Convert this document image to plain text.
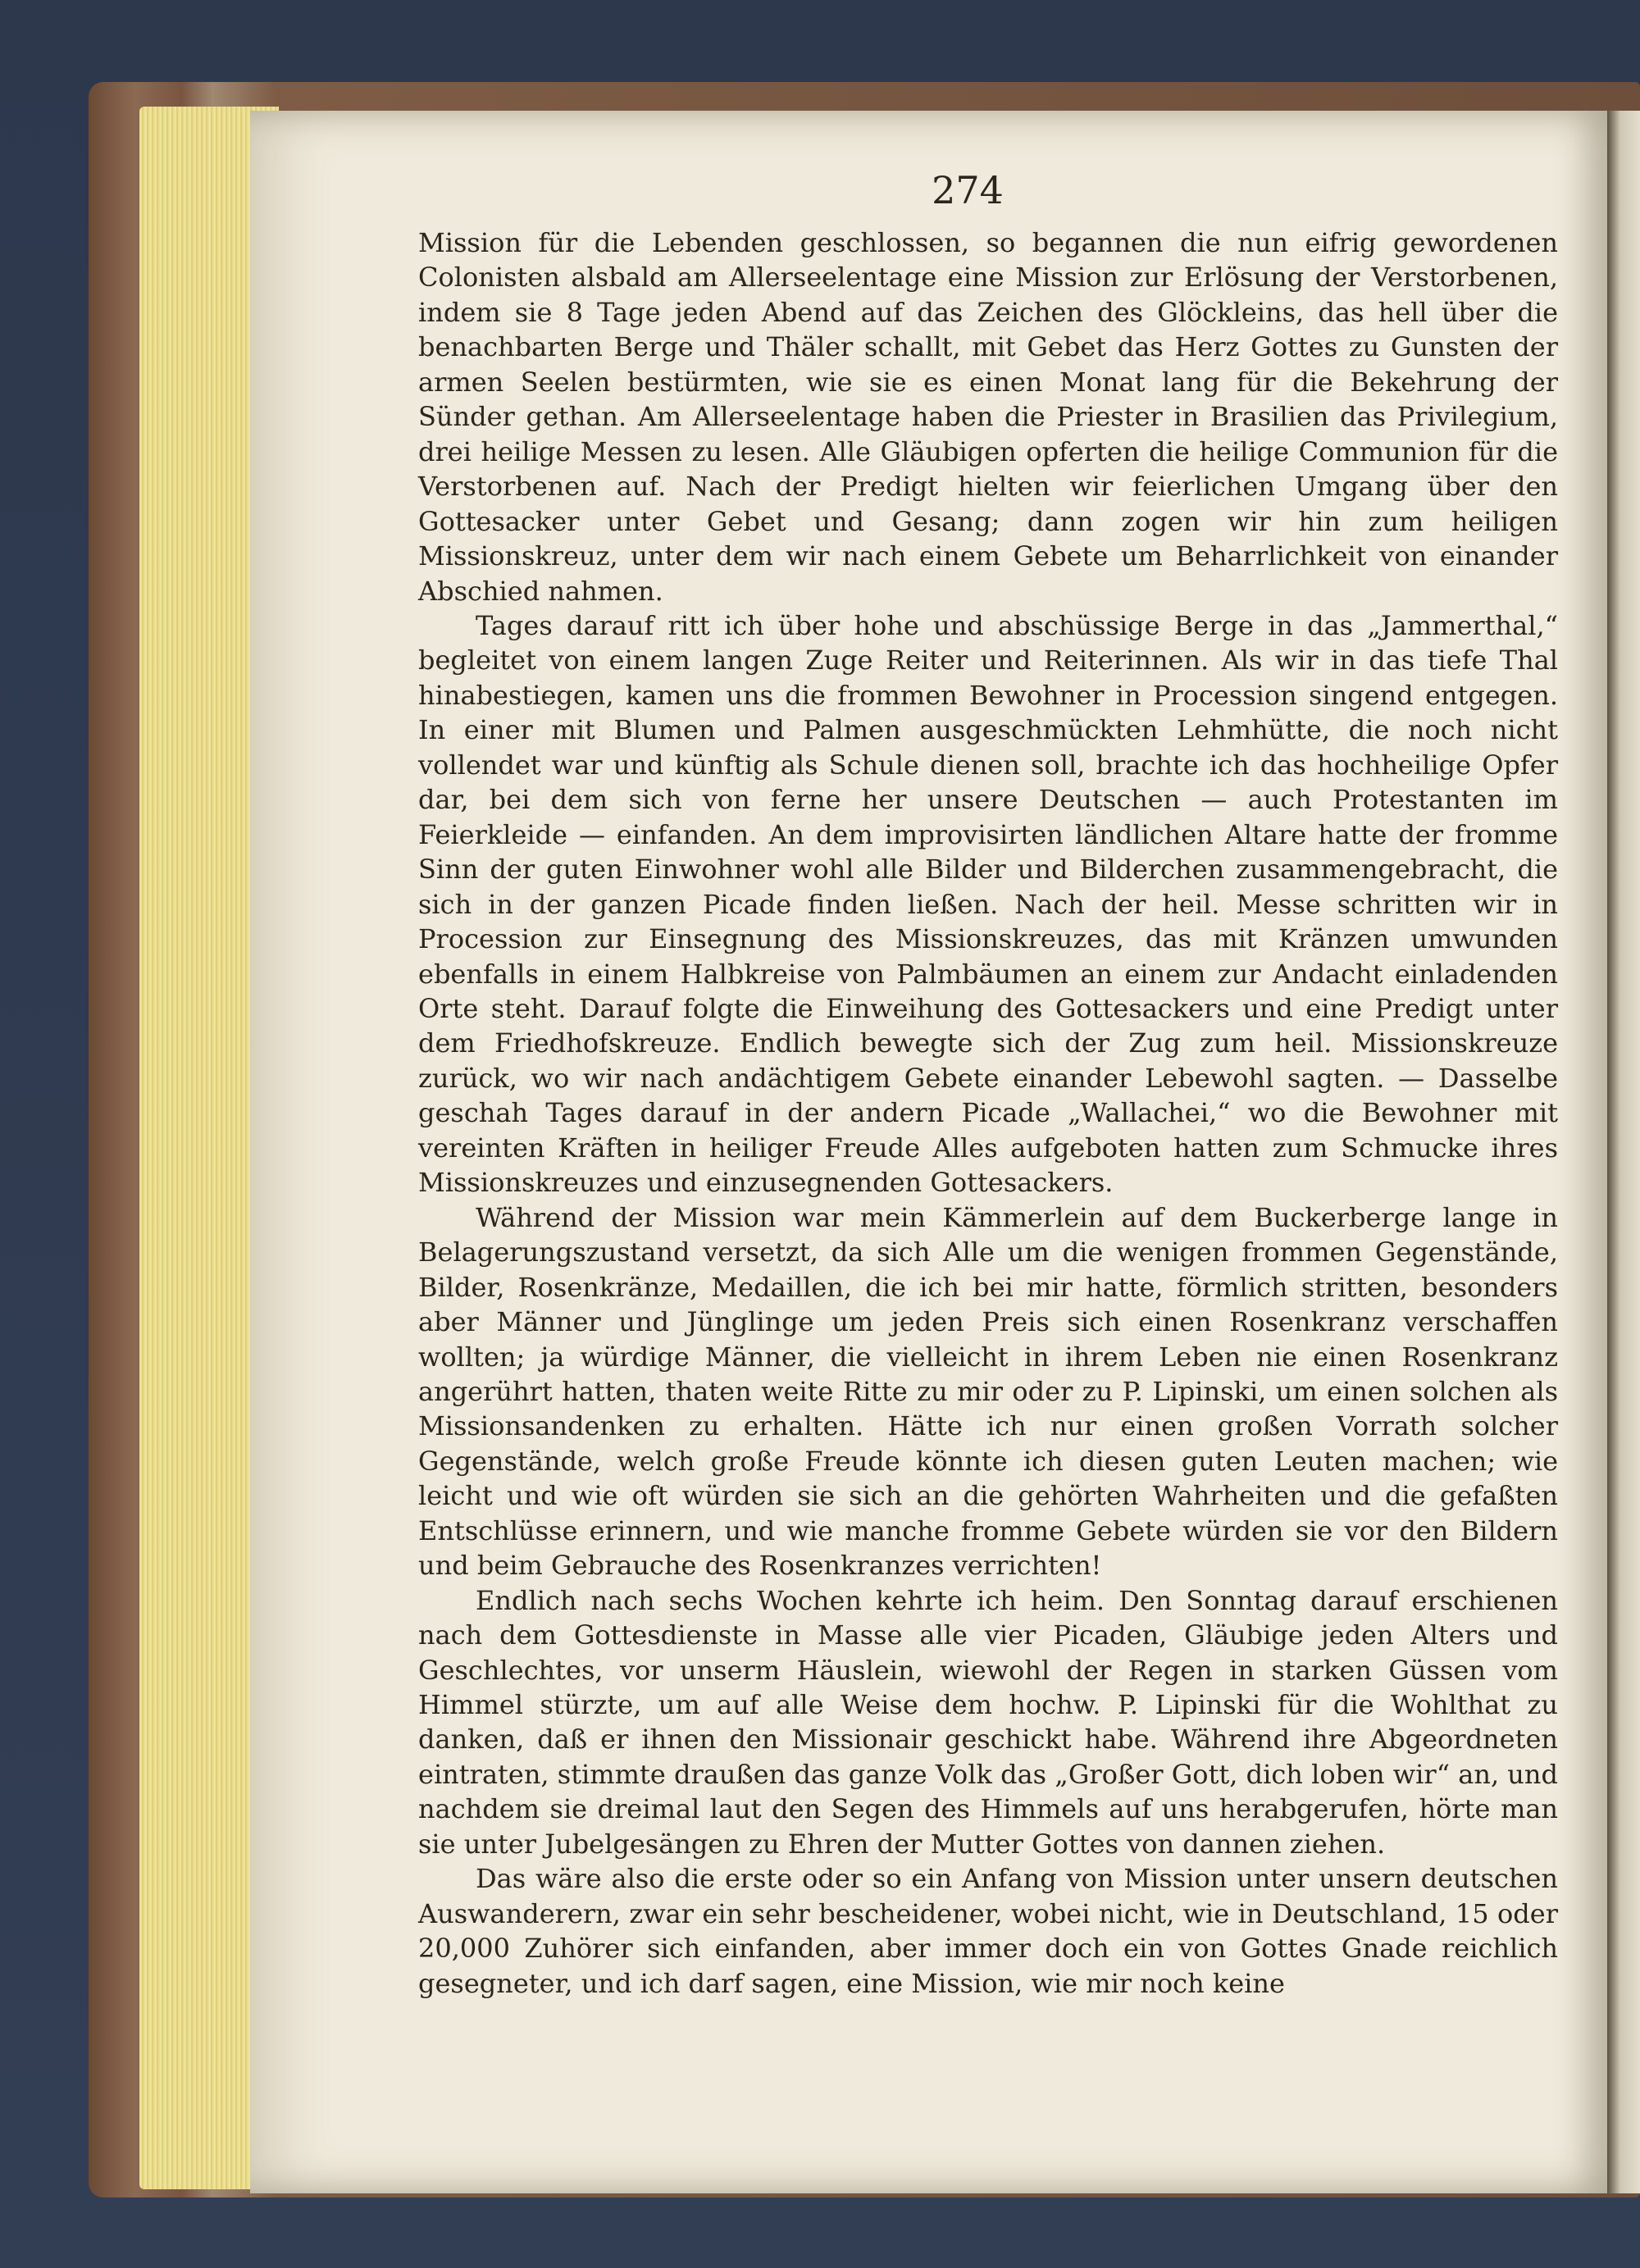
274

Mission für die Lebenden geschlossen, so begannen die nun eifrig gewordenen Colonisten alsbald am Allerseelentage eine Mission zur Erlösung der Verstorbenen, indem sie 8 Tage jeden Abend auf das Zeichen des Glöckleins, das hell über die benachbarten Berge und Thäler schallt, mit Gebet das Herz Gottes zu Gunsten der armen Seelen bestürmten, wie sie es einen Monat lang für die Bekehrung der Sünder gethan. Am Allerseelentage haben die Priester in Brasilien das Privilegium, drei heilige Messen zu lesen. Alle Gläubigen opferten die heilige Communion für die Verstorbenen auf. Nach der Predigt hielten wir feierlichen Umgang über den Gottesacker unter Gebet und Gesang; dann zogen wir hin zum heiligen Missionskreuz, unter dem wir nach einem Gebete um Beharrlichkeit von einander Abschied nahmen.

Tages darauf ritt ich über hohe und abschüssige Berge in das „Jammerthal,“ begleitet von einem langen Zuge Reiter und Reiterinnen. Als wir in das tiefe Thal hinabestiegen, kamen uns die frommen Bewohner in Procession singend entgegen. In einer mit Blumen und Palmen ausgeschmückten Lehmhütte, die noch nicht vollendet war und künftig als Schule dienen soll, brachte ich das hochheilige Opfer dar, bei dem sich von ferne her unsere Deutschen — auch Protestanten im Feierkleide — einfanden. An dem improvisirten ländlichen Altare hatte der fromme Sinn der guten Einwohner wohl alle Bilder und Bilderchen zusammengebracht, die sich in der ganzen Picade finden ließen. Nach der heil. Messe schritten wir in Procession zur Einsegnung des Missionskreuzes, das mit Kränzen umwunden ebenfalls in einem Halbkreise von Palmbäumen an einem zur Andacht einladenden Orte steht. Darauf folgte die Einweihung des Gottesackers und eine Predigt unter dem Friedhofskreuze. Endlich bewegte sich der Zug zum heil. Missionskreuze zurück, wo wir nach andächtigem Gebete einander Lebewohl sagten. — Dasselbe geschah Tages darauf in der andern Picade „Wallachei,“ wo die Bewohner mit vereinten Kräften in heiliger Freude Alles aufgeboten hatten zum Schmucke ihres Missionskreuzes und einzusegnenden Gottesackers.

Während der Mission war mein Kämmerlein auf dem Buckerberge lange in Belagerungszustand versetzt, da sich Alle um die wenigen frommen Gegenstände, Bilder, Rosenkränze, Medaillen, die ich bei mir hatte, förmlich stritten, besonders aber Männer und Jünglinge um jeden Preis sich einen Rosenkranz verschaffen wollten; ja würdige Männer, die vielleicht in ihrem Leben nie einen Rosenkranz angerührt hatten, thaten weite Ritte zu mir oder zu P. Lipinski, um einen solchen als Missionsandenken zu erhalten. Hätte ich nur einen großen Vorrath solcher Gegenstände, welch große Freude könnte ich diesen guten Leuten machen; wie leicht und wie oft würden sie sich an die gehörten Wahrheiten und die gefaßten Entschlüsse erinnern, und wie manche fromme Gebete würden sie vor den Bildern und beim Gebrauche des Rosenkranzes verrichten!

Endlich nach sechs Wochen kehrte ich heim. Den Sonntag darauf erschienen nach dem Gottesdienste in Masse alle vier Picaden, Gläubige jeden Alters und Geschlechtes, vor unserm Häuslein, wiewohl der Regen in starken Güssen vom Himmel stürzte, um auf alle Weise dem hochw. P. Lipinski für die Wohlthat zu danken, daß er ihnen den Missionair geschickt habe. Während ihre Abgeordneten eintraten, stimmte draußen das ganze Volk das „Großer Gott, dich loben wir“ an, und nachdem sie dreimal laut den Segen des Himmels auf uns herabgerufen, hörte man sie unter Jubelgesängen zu Ehren der Mutter Gottes von dannen ziehen.

Das wäre also die erste oder so ein Anfang von Mission unter unsern deutschen Auswanderern, zwar ein sehr bescheidener, wobei nicht, wie in Deutschland, 15 oder 20,000 Zuhörer sich einfanden, aber immer doch ein von Gottes Gnade reichlich gesegneter, und ich darf sagen, eine Mission, wie mir noch keine
